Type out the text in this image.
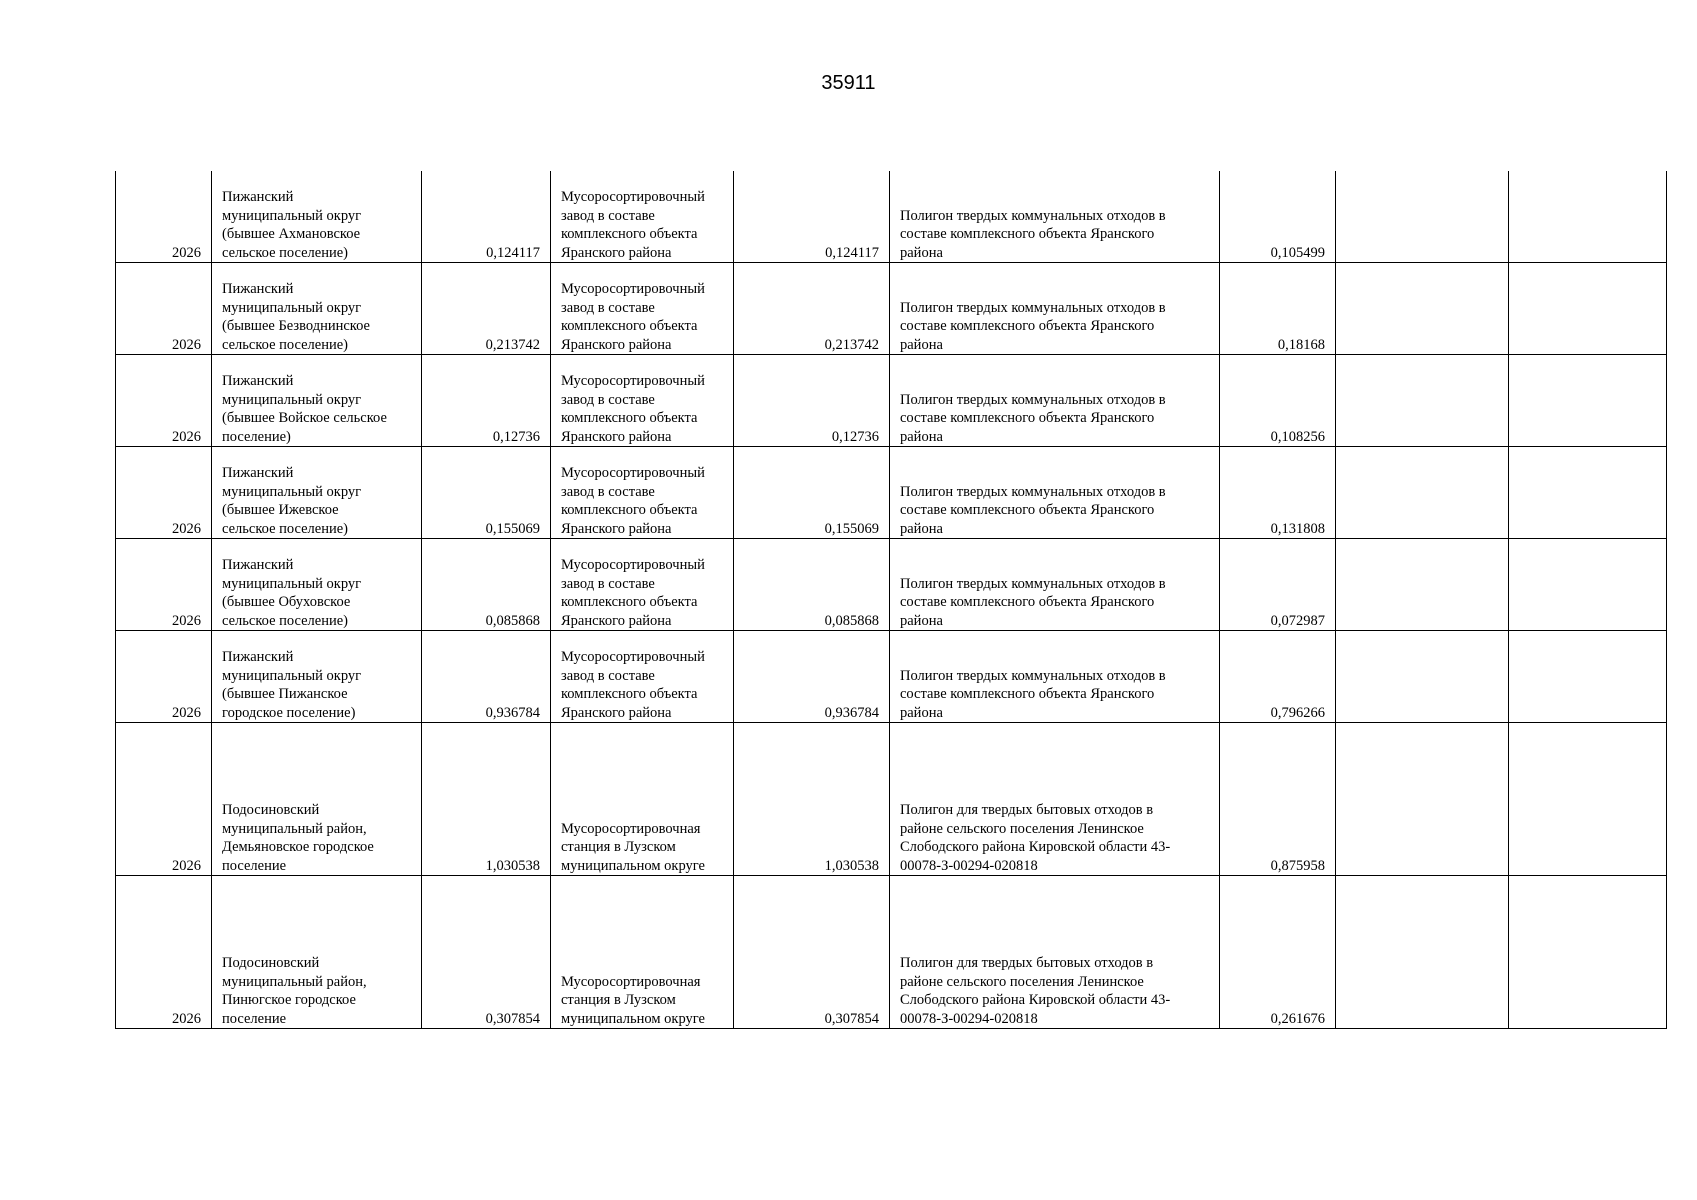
35911
2026	Пижанский
муниципальный округ
(бывшее Ахмановское
сельское поселение)	0,124117	Мусоросортировочный
завод в составе
комплексного объекта
Яранского района	0,124117	Полигон твердых коммунальных отходов в
составе комплексного объекта Яранского
района	0,105499		
2026	Пижанский
муниципальный округ
(бывшее Безводнинское
сельское поселение)	0,213742	Мусоросортировочный
завод в составе
комплексного объекта
Яранского района	0,213742	Полигон твердых коммунальных отходов в
составе комплексного объекта Яранского
района	0,18168		
2026	Пижанский
муниципальный округ
(бывшее Войское сельское
поселение)	0,12736	Мусоросортировочный
завод в составе
комплексного объекта
Яранского района	0,12736	Полигон твердых коммунальных отходов в
составе комплексного объекта Яранского
района	0,108256		
2026	Пижанский
муниципальный округ
(бывшее Ижевское
сельское поселение)	0,155069	Мусоросортировочный
завод в составе
комплексного объекта
Яранского района	0,155069	Полигон твердых коммунальных отходов в
составе комплексного объекта Яранского
района	0,131808		
2026	Пижанский
муниципальный округ
(бывшее Обуховское
сельское поселение)	0,085868	Мусоросортировочный
завод в составе
комплексного объекта
Яранского района	0,085868	Полигон твердых коммунальных отходов в
составе комплексного объекта Яранского
района	0,072987		
2026	Пижанский
муниципальный округ
(бывшее Пижанское
городское поселение)	0,936784	Мусоросортировочный
завод в составе
комплексного объекта
Яранского района	0,936784	Полигон твердых коммунальных отходов в
составе комплексного объекта Яранского
района	0,796266		
2026	Подосиновский
муниципальный район,
Демьяновское городское
поселение	1,030538	Мусоросортировочная
станция в Лузском
муниципальном округе	1,030538	Полигон для твердых бытовых отходов в
районе сельского поселения Ленинское
Слободского района Кировской области 43-
00078-З-00294-020818	0,875958		
2026	Подосиновский
муниципальный район,
Пинюгское городское
поселение	0,307854	Мусоросортировочная
станция в Лузском
муниципальном округе	0,307854	Полигон для твердых бытовых отходов в
районе сельского поселения Ленинское
Слободского района Кировской области 43-
00078-З-00294-020818	0,261676		
